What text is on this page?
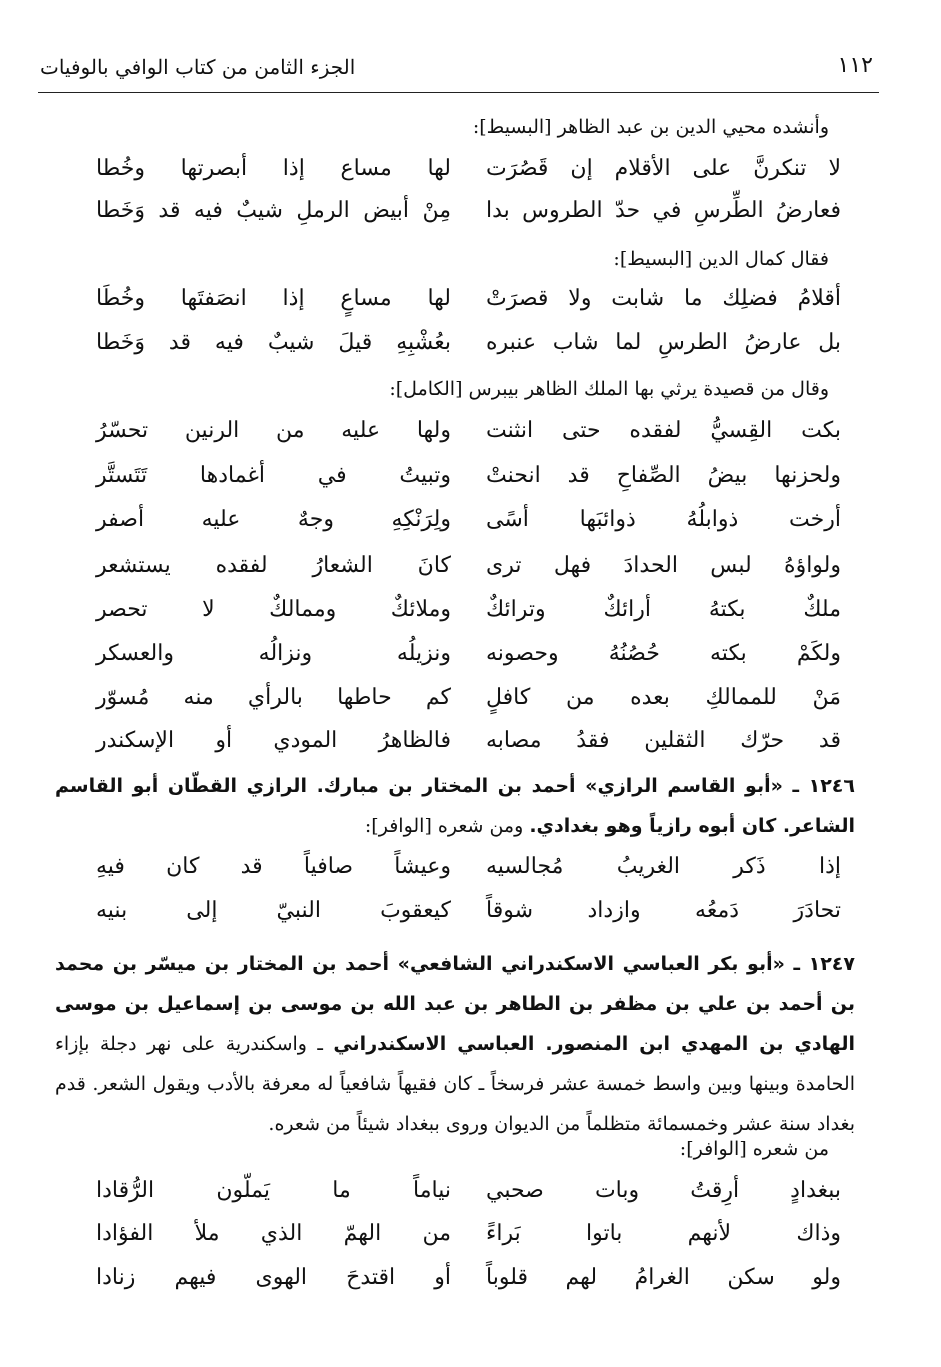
١١٢
الجزء الثامن من كتاب الوافي بالوفيات
وأنشده محيي الدين بن عبد الظاهر [البسيط]:
لا تنكرنَّ على الأقلام إن قَصُرَت
لها مساع إذا أبصرتها وخُطا
فعارضُ الطِّرسِ في حدّ الطروس بدا
مِنْ أبيض الرملِ شيبٌ فيه قد وَخَطا
فقال كمال الدين [البسيط]:
أقلامُ فضلِك ما شابت ولا قصرَتْ
لها مساعٍ إذا انصَفتَها وخُطَا
بل عارضُ الطرسِ لما شاب عنبره
بعُشْبِهِ قيلَ شيبٌ فيه قد وَخَطا
وقال من قصيدة يرثي بها الملك الظاهر بيبرس [الكامل]:
بكت القِسيُّ لفقده حتى انثنت
ولها عليه من الرنين تحسّرُ
ولحزنها بيضُ الصِّفاحِ قد انحنتْ
وتبيتُ في أغمادها تَتَستَّر
أرخت ذوابلُهُ ذوائبَها أسًى
ولِرَنْكِهِ وجهٌ عليه أصفر
ولواؤهُ لبس الحدادَ فهل ترى
كانَ الشعارُ لفقده يستشعر
ملكٌ بكتهُ أرائكٌ وترائكٌ
وملائكٌ وممالكٌ لا تحصر
ولكَمْ بكته حُصُنُهُ وحصونه
ونزيلُه ونزالُه والعسكر
مَنْ للممالكِ بعده من كافلٍ
كم حاطها بالرأي منه مُسوّر
قد حرّك الثقلين فقدُ مصابه
فالظاهرُ المودي أو الإسكندر
١٢٤٦ ـ «أبو القاسم الرازي» أحمد بن المختار بن مبارك. الرازي القطّان أبو القاسم الشاعر. كان أبوه رازياً وهو بغدادي. ومن شعره [الوافر]:
إذا ذَكر الغريبُ مُجالسيه
وعيشاً صافياً قد كان فيهِ
تحادَرَ دَمعُه وازداد شوقاً
كيعقوبَ النبيّ إلى بنيه
١٢٤٧ ـ «أبو بكر العباسي الاسكندراني الشافعي» أحمد بن المختار بن ميسّر بن محمد بن أحمد بن علي بن مظفر بن الطاهر بن عبد الله بن موسى بن إسماعيل بن موسى الهادي بن المهدي ابن المنصور. العباسي الاسكندراني ـ واسكندرية على نهر دجلة بإزاء الحامدة وبينها وبين واسط خمسة عشر فرسخاً ـ كان فقيهاً شافعياً له معرفة بالأدب ويقول الشعر. قدم بغداد سنة عشر وخمسمائة متظلماً من الديوان وروى ببغداد شيئاً من شعره.
من شعره [الوافر]:
ببغدادٍ أرِقتُ وبات صحبي
نياماً ما يَملّون الرُّقادا
وذاك لأنهم باتوا بَراءً
من الهمّ الذي ملأ الفؤادا
ولو سكن الغرامُ لهم قلوباً
أو اقتدحَ الهوى فيهم زنادا
